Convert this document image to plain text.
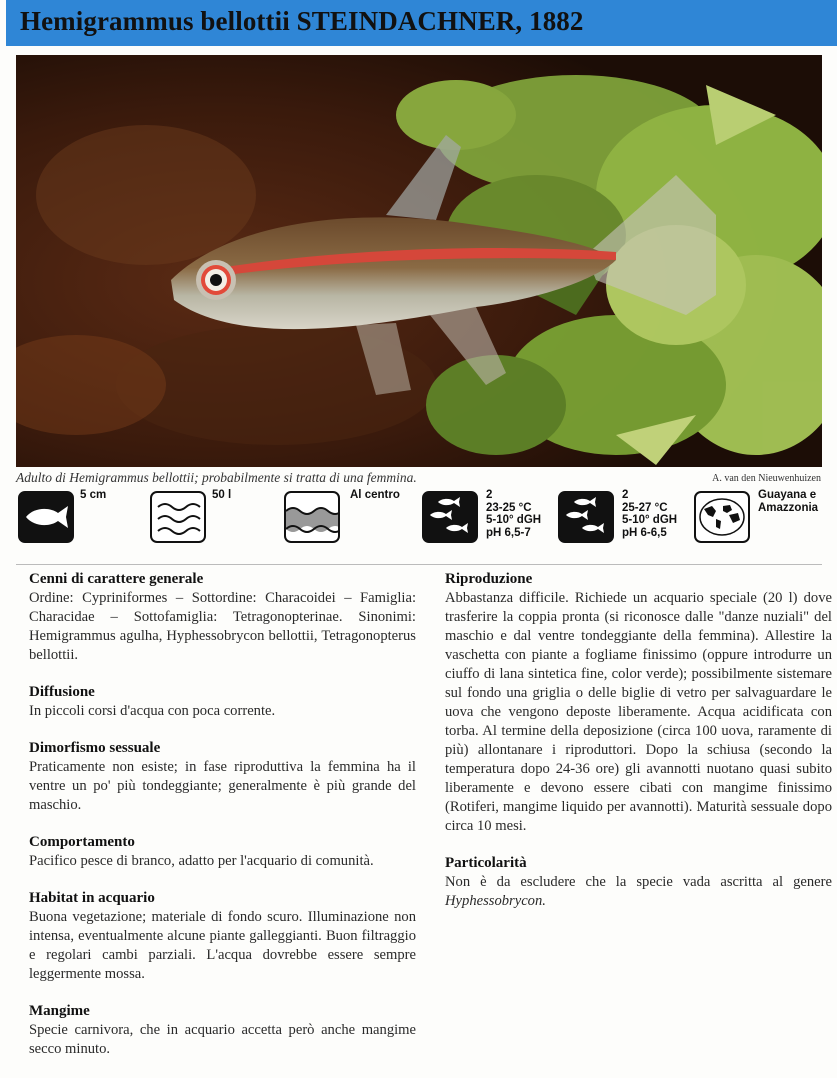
Hemigrammus bellottii STEINDACHNER, 1882
Adulto di Hemigrammus bellottii; probabilmente si tratta di una femmina.	A. van den Nieuwenhuizen
5 cm	50 l	Al centro	2
23-25 °C
5-10° dGH
pH 6,5-7
2
25-27 °C
5-10° dGH
pH 6-6,5
Guayana e
Amazzonia
Cenni di carattere generale

Ordine: Cypriniformes – Sottordine: Characoidei – Famiglia: Characidae – Sottofamiglia: Tetragonopterinae. Sinonimi: Hemigrammus agulha, Hyphessobrycon bellottii, Tetragonopterus bellottii.

Diffusione

In piccoli corsi d'acqua con poca corrente.

Dimorfismo sessuale

Praticamente non esiste; in fase riproduttiva la femmina ha il ventre un po' più tondeggiante; generalmente è più grande del maschio.

Comportamento

Pacifico pesce di branco, adatto per l'acquario di comunità.

Habitat in acquario

Buona vegetazione; materiale di fondo scuro. Illuminazione non intensa, eventualmente alcune piante galleggianti. Buon filtraggio e regolari cambi parziali. L'acqua dovrebbe essere sempre leggermente mossa.

Mangime

Specie carnivora, che in acquario accetta però anche mangime secco minuto.

Riproduzione

Abbastanza difficile. Richiede un acquario speciale (20 l) dove trasferire la coppia pronta (si riconosce dalle "danze nuziali" del maschio e dal ventre tondeggiante della femmina). Allestire la vaschetta con piante a fogliame finissimo (oppure introdurre un ciuffo di lana sintetica fine, color verde); possibilmente sistemare sul fondo una griglia o delle biglie di vetro per salvaguardare le uova che vengono deposte liberamente. Acqua acidificata con torba. Al termine della deposizione (circa 100 uova, raramente di più) allontanare i riproduttori. Dopo la schiusa (secondo la temperatura dopo 24-36 ore) gli avannotti nuotano quasi subito liberamente e devono essere cibati con mangime finissimo (Rotiferi, mangime liquido per avannotti). Maturità sessuale dopo circa 10 mesi.

Particolarità

Non è da escludere che la specie vada ascritta al genere Hyphessobrycon.
